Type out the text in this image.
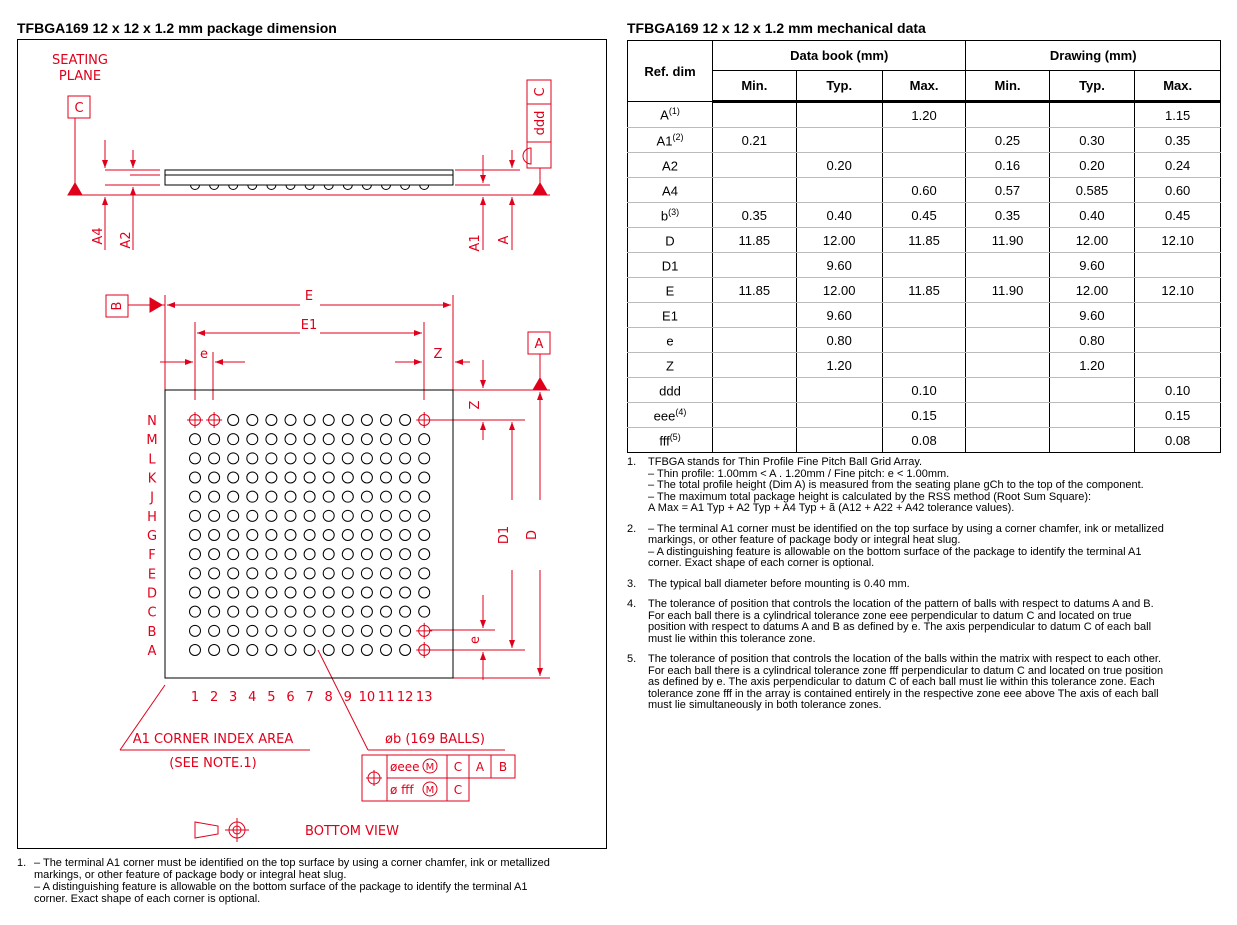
TFBGA169 12 x 12 x 1.2 mm package dimension	TFBGA169 12 x 12 x 1.2 mm mechanical data
N
M
L
K
J
H
G
F
E
D
C
B
A
1 2 3 4 5 6 7 8 9 10 11 12 13
SEATING
PLANE
C
C
ddd
A4 A2	A1 A
B
A
E
E1
e	Z
Z
D1 D
e
A1 CORNER INDEX AREA
(SEE NOTE.1)
øb (169 BALLS)
øeee	C A B
ø fff	C
BOTTOM VIEW
M
M
1. – The terminal A1 corner must be identified on the top surface by using a corner chamfer, ink or metallized
markings, or other feature of package body or integral heat slug.
– A distinguishing feature is allowable on the bottom surface of the package to identify the terminal A1
corner. Exact shape of each corner is optional.
Ref. dim	Data book (mm)			Drawing (mm)		
	Min.	Typ.	Max.	Min.	Typ.	Max.
$A^{(1)}$			1.20			1.15
A1$^{(2)}$	0.21			0.25	0.30	0.35
A2		0.20		0.16	0.20	0.24
A4			0.60	0.57	0.585	0.60
$b^{(3)}$	0.35	0.40	0.45	0.35	0.40	0.45
D	11.85	12.00	11.85	11.90	12.00	12.10
D1		9.60			9.60	
E	11.85	12.00	11.85	11.90	12.00	12.10
E1		9.60			9.60	
e		0.80			0.80	
Z		1.20			1.20	
ddd			0.10			0.10
eee$^{(4)}$			0.15			0.15
fff$^{(5)}$			0.08			0.08
1. TFBGA stands for Thin Profile Fine Pitch Ball Grid Array.
– Thin profile: 1.00mm < A . 1.20mm / Fine pitch: e < 1.00mm.
– The total profile height (Dim A) is measured from the seating plane gCh to the top of the component.
– The maximum total package height is calculated by the RSS method (Root Sum Square):
A Max = A1 Typ + A2 Typ + A4 Typ + ã (A12 + A22 + A42 tolerance values).
2. – The terminal A1 corner must be identified on the top surface by using a corner chamfer, ink or metallized
markings, or other feature of package body or integral heat slug.
– A distinguishing feature is allowable on the bottom surface of the package to identify the terminal A1
corner. Exact shape of each corner is optional.
3. The typical ball diameter before mounting is 0.40 mm.
4. The tolerance of position that controls the location of the pattern of balls with respect to datums A and B.
For each ball there is a cylindrical tolerance zone eee perpendicular to datum C and located on true
position with respect to datums A and B as defined by e. The axis perpendicular to datum C of each ball
must lie within this tolerance zone.
5. The tolerance of position that controls the location of the balls within the matrix with respect to each other.
For each ball there is a cylindrical tolerance zone fff perpendicular to datum C and located on true position
as defined by e. The axis perpendicular to datum C of each ball must lie within this tolerance zone. Each
tolerance zone fff in the array is contained entirely in the respective zone eee above The axis of each ball
must lie simultaneously in both tolerance zones.
